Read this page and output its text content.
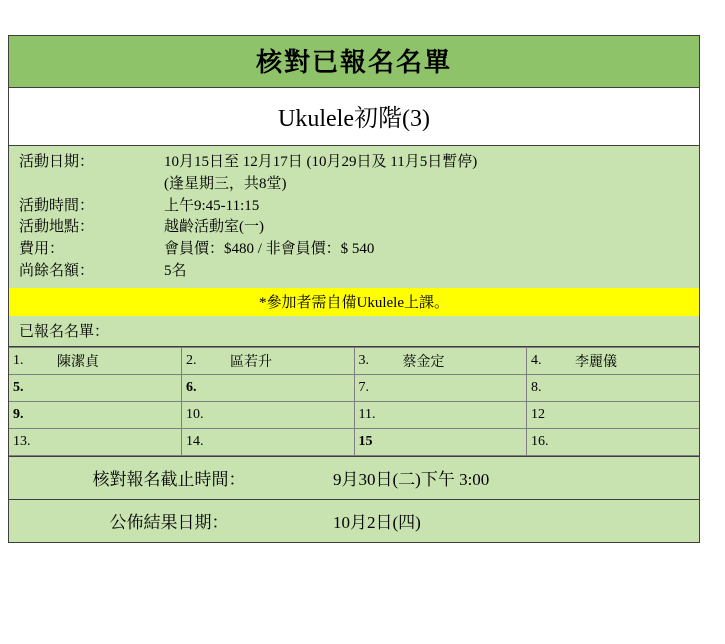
核對已報名名單
Ukulele初階(3)
活動日期：	10月15日至 12月17日 (10月29日及 11月5日暫停)
(逢星期三，共8堂)
活動時間：	上午9:45-11:15
活動地點：	越齡活動室(一)
費用：	會員價：$480 / 非會員價：$ 540
尚餘名額：	5名
*參加者需自備Ukulele上課。
已報名名單：
1. 陳潔貞	2. 區若升	3. 蔡金定	4. 李麗儀

5.	6.	7.	8.

9.	10.	11.	12

13.	14.	15	16.
核對報名截止時間：	9月30日(二)下午 3:00
公佈結果日期：	10月2日(四)
